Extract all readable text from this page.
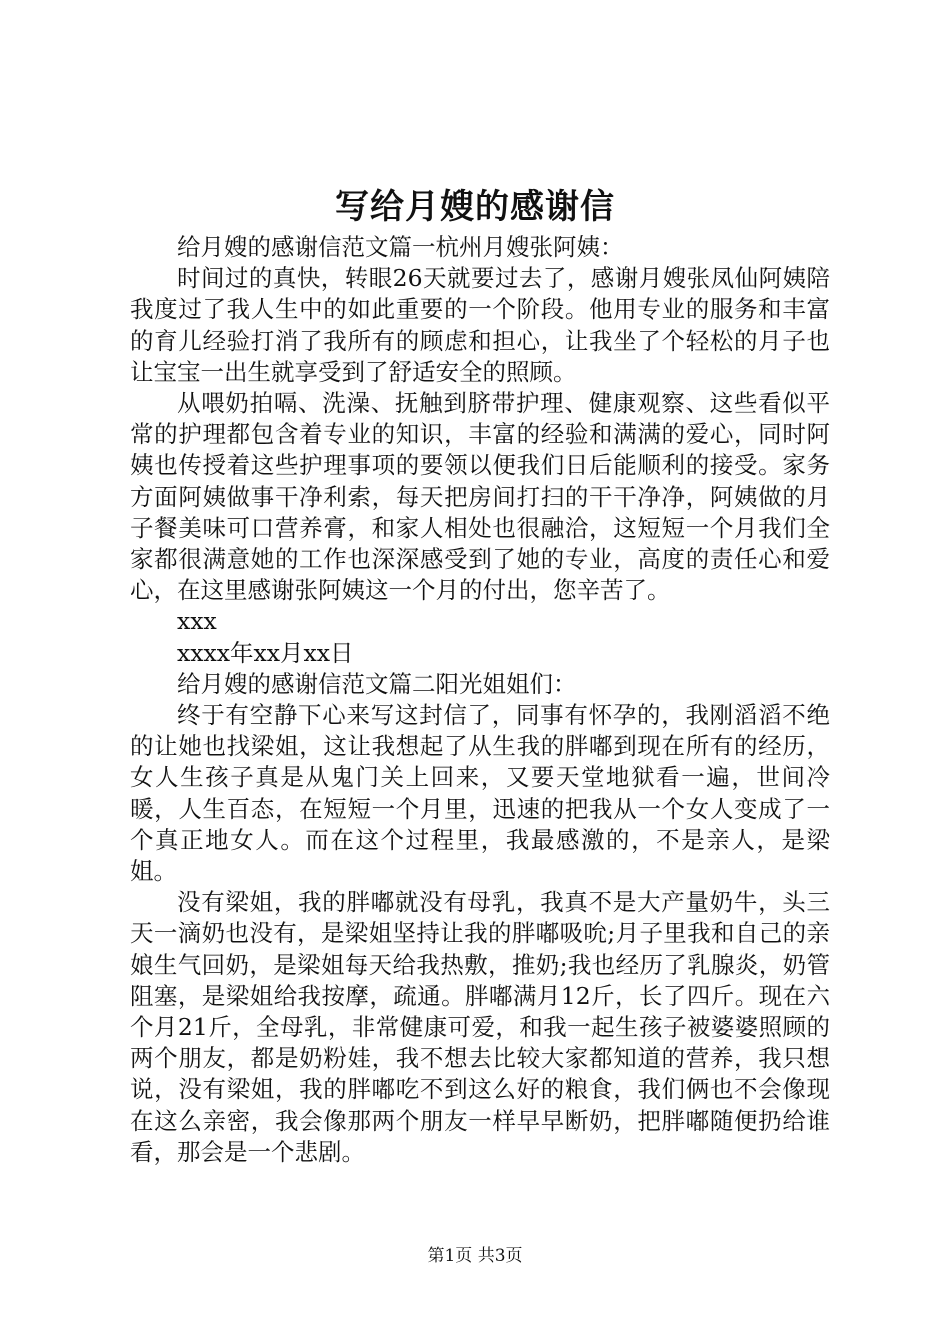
写给月嫂的感谢信

给月嫂的感谢信范文篇一杭州月嫂张阿姨：

时间过的真快，转眼26天就要过去了，感谢月嫂张凤仙阿姨陪我度过了我人生中的如此重要的一个阶段。他用专业的服务和丰富的育儿经验打消了我所有的顾虑和担心，让我坐了个轻松的月子也让宝宝一出生就享受到了舒适安全的照顾。

从喂奶拍嗝、洗澡、抚触到脐带护理、健康观察、这些看似平常的护理都包含着专业的知识，丰富的经验和满满的爱心，同时阿姨也传授着这些护理事项的要领以便我们日后能顺利的接受。家务方面阿姨做事干净利索，每天把房间打扫的干干净净，阿姨做的月子餐美味可口营养膏，和家人相处也很融洽，这短短一个月我们全家都很满意她的工作也深深感受到了她的专业，高度的责任心和爱心，在这里感谢张阿姨这一个月的付出，您辛苦了。

xxx

xxxx年xx月xx日

给月嫂的感谢信范文篇二阳光姐姐们：

终于有空静下心来写这封信了，同事有怀孕的，我刚滔滔不绝的让她也找梁姐，这让我想起了从生我的胖嘟到现在所有的经历，女人生孩子真是从鬼门关上回来，又要天堂地狱看一遍，世间冷暖，人生百态，在短短一个月里，迅速的把我从一个女人变成了一个真正地女人。而在这个过程里，我最感激的，不是亲人，是梁姐。

没有梁姐，我的胖嘟就没有母乳，我真不是大产量奶牛，头三天一滴奶也没有，是梁姐坚持让我的胖嘟吸吮;月子里我和自己的亲娘生气回奶，是梁姐每天给我热敷，推奶;我也经历了乳腺炎，奶管阻塞，是梁姐给我按摩，疏通。胖嘟满月12斤，长了四斤。现在六个月21斤，全母乳，非常健康可爱，和我一起生孩子被婆婆照顾的两个朋友，都是奶粉娃，我不想去比较大家都知道的营养，我只想说，没有梁姐，我的胖嘟吃不到这么好的粮食，我们俩也不会像现在这么亲密，我会像那两个朋友一样早早断奶，把胖嘟随便扔给谁看，那会是一个悲剧。

第1页 共3页
